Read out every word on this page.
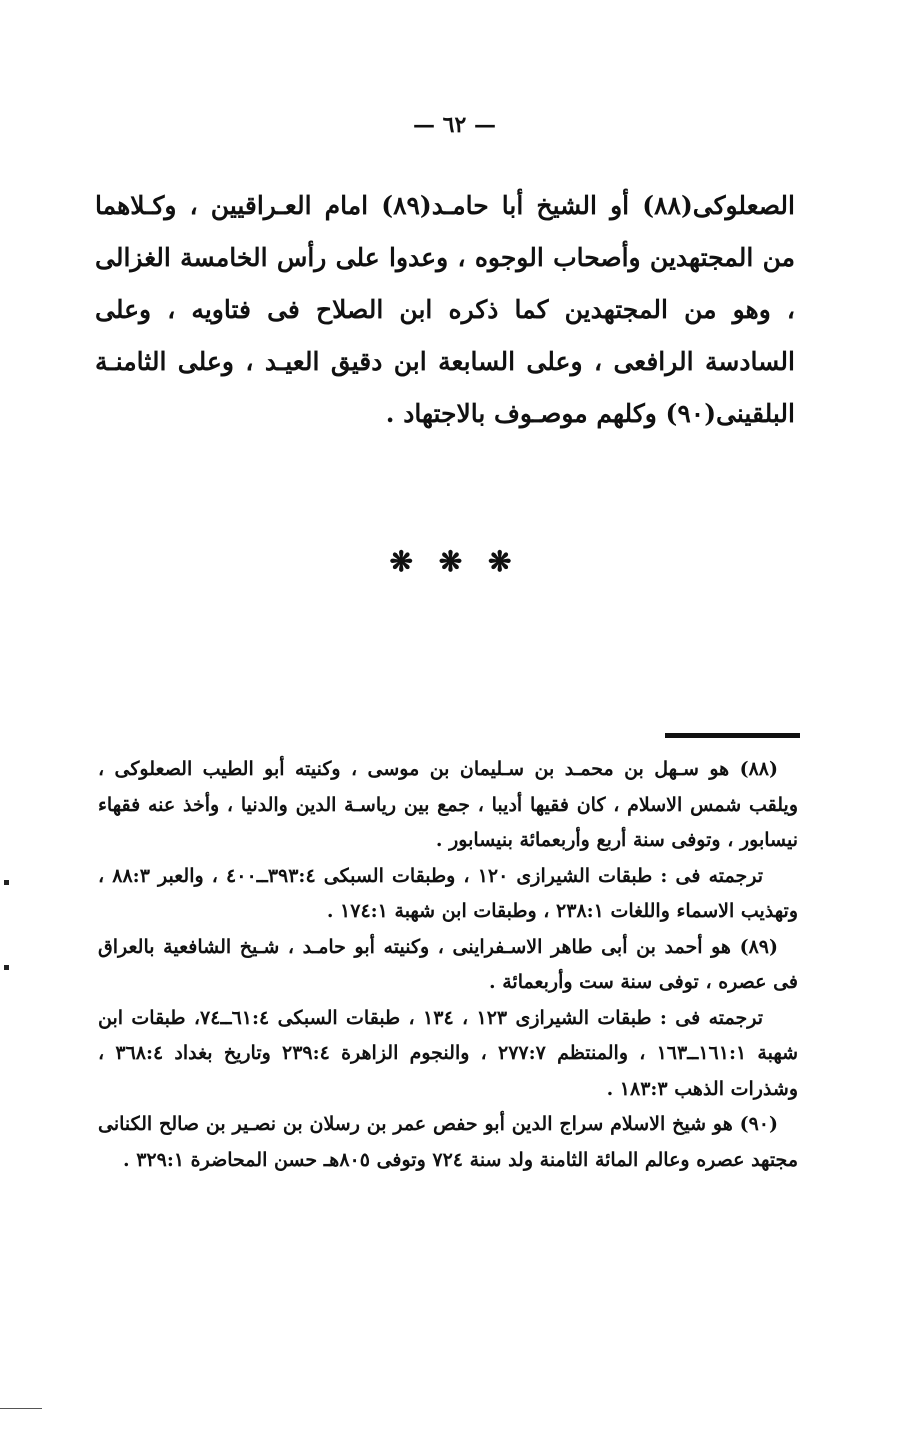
— ٦٢ —

الصعلوكى(٨٨) أو الشيخ أبا حامـد(٨٩) امام العـراقيين ، وكـلاهما من المجتهدين وأصحاب الوجوه ، وعدوا على رأس الخامسة الغزالى ، وهو من المجتهدين كما ذكره ابن الصلاح فى فتاويه ، وعلى السادسة الرافعى ، وعلى السابعة ابن دقيق العيـد ، وعلى الثامنـة البلقينى(٩٠) وكلهم موصـوف بالاجتهاد .

❋ ❋ ❋

(٨٨) هو سـهل بن محمـد بن سـليمان بن موسى ، وكنيته أبو الطيب الصعلوكى ، ويلقب شمس الاسلام ، كان فقيها أديبا ، جمع بين رياسـة الدين والدنيا ، وأخذ عنه فقهاء نيسابور ، وتوفى سنة أربع وأربعمائة بنيسابور .

ترجمته فى : طبقات الشيرازى ١٢٠ ، وطبقات السبكى ٣٩٣:٤ــ٤٠٠ ، والعبر ٨٨:٣ ، وتهذيب الاسماء واللغات ٢٣٨:١ ، وطبقات ابن شهبة ١٧٤:١ .

(٨٩) هو أحمد بن أبى طاهر الاسـفراينى ، وكنيته أبو حامـد ، شـيخ الشافعية بالعراق فى عصره ، توفى سنة ست وأربعمائة .

ترجمته فى : طبقات الشيرازى ١٢٣ ، ١٣٤ ، طبقات السبكى ٦١:٤ــ٧٤، طبقات ابن شهبة ١٦١:١ــ١٦٣ ، والمنتظم ٢٧٧:٧ ، والنجوم الزاهرة ٢٣٩:٤ وتاريخ بغداد ٣٦٨:٤ ، وشذرات الذهب ١٨٣:٣ .

(٩٠) هو شيخ الاسلام سراج الدين أبو حفص عمر بن رسلان بن نصـير بن صالح الكنانى مجتهد عصره وعالم المائة الثامنة ولد سنة ٧٢٤ وتوفى ٨٠٥هـ حسن المحاضرة ٣٢٩:١ .
